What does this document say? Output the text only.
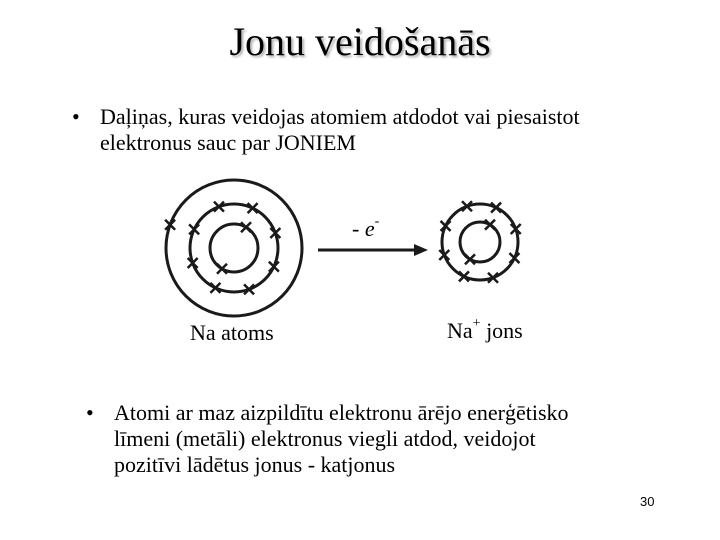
Jonu veidošanās
• Daļiņas, kuras veidojas atomiem atdodot vai piesaistot
elektronus sauc par JONIEM
- e-
Na atoms	Na+ jons
• Atomi ar maz aizpildītu elektronu ārējo enerģētisko
līmeni (metāli) elektronus viegli atdod, veidojot
pozitīvi lādētus jonus - katjonus
30
